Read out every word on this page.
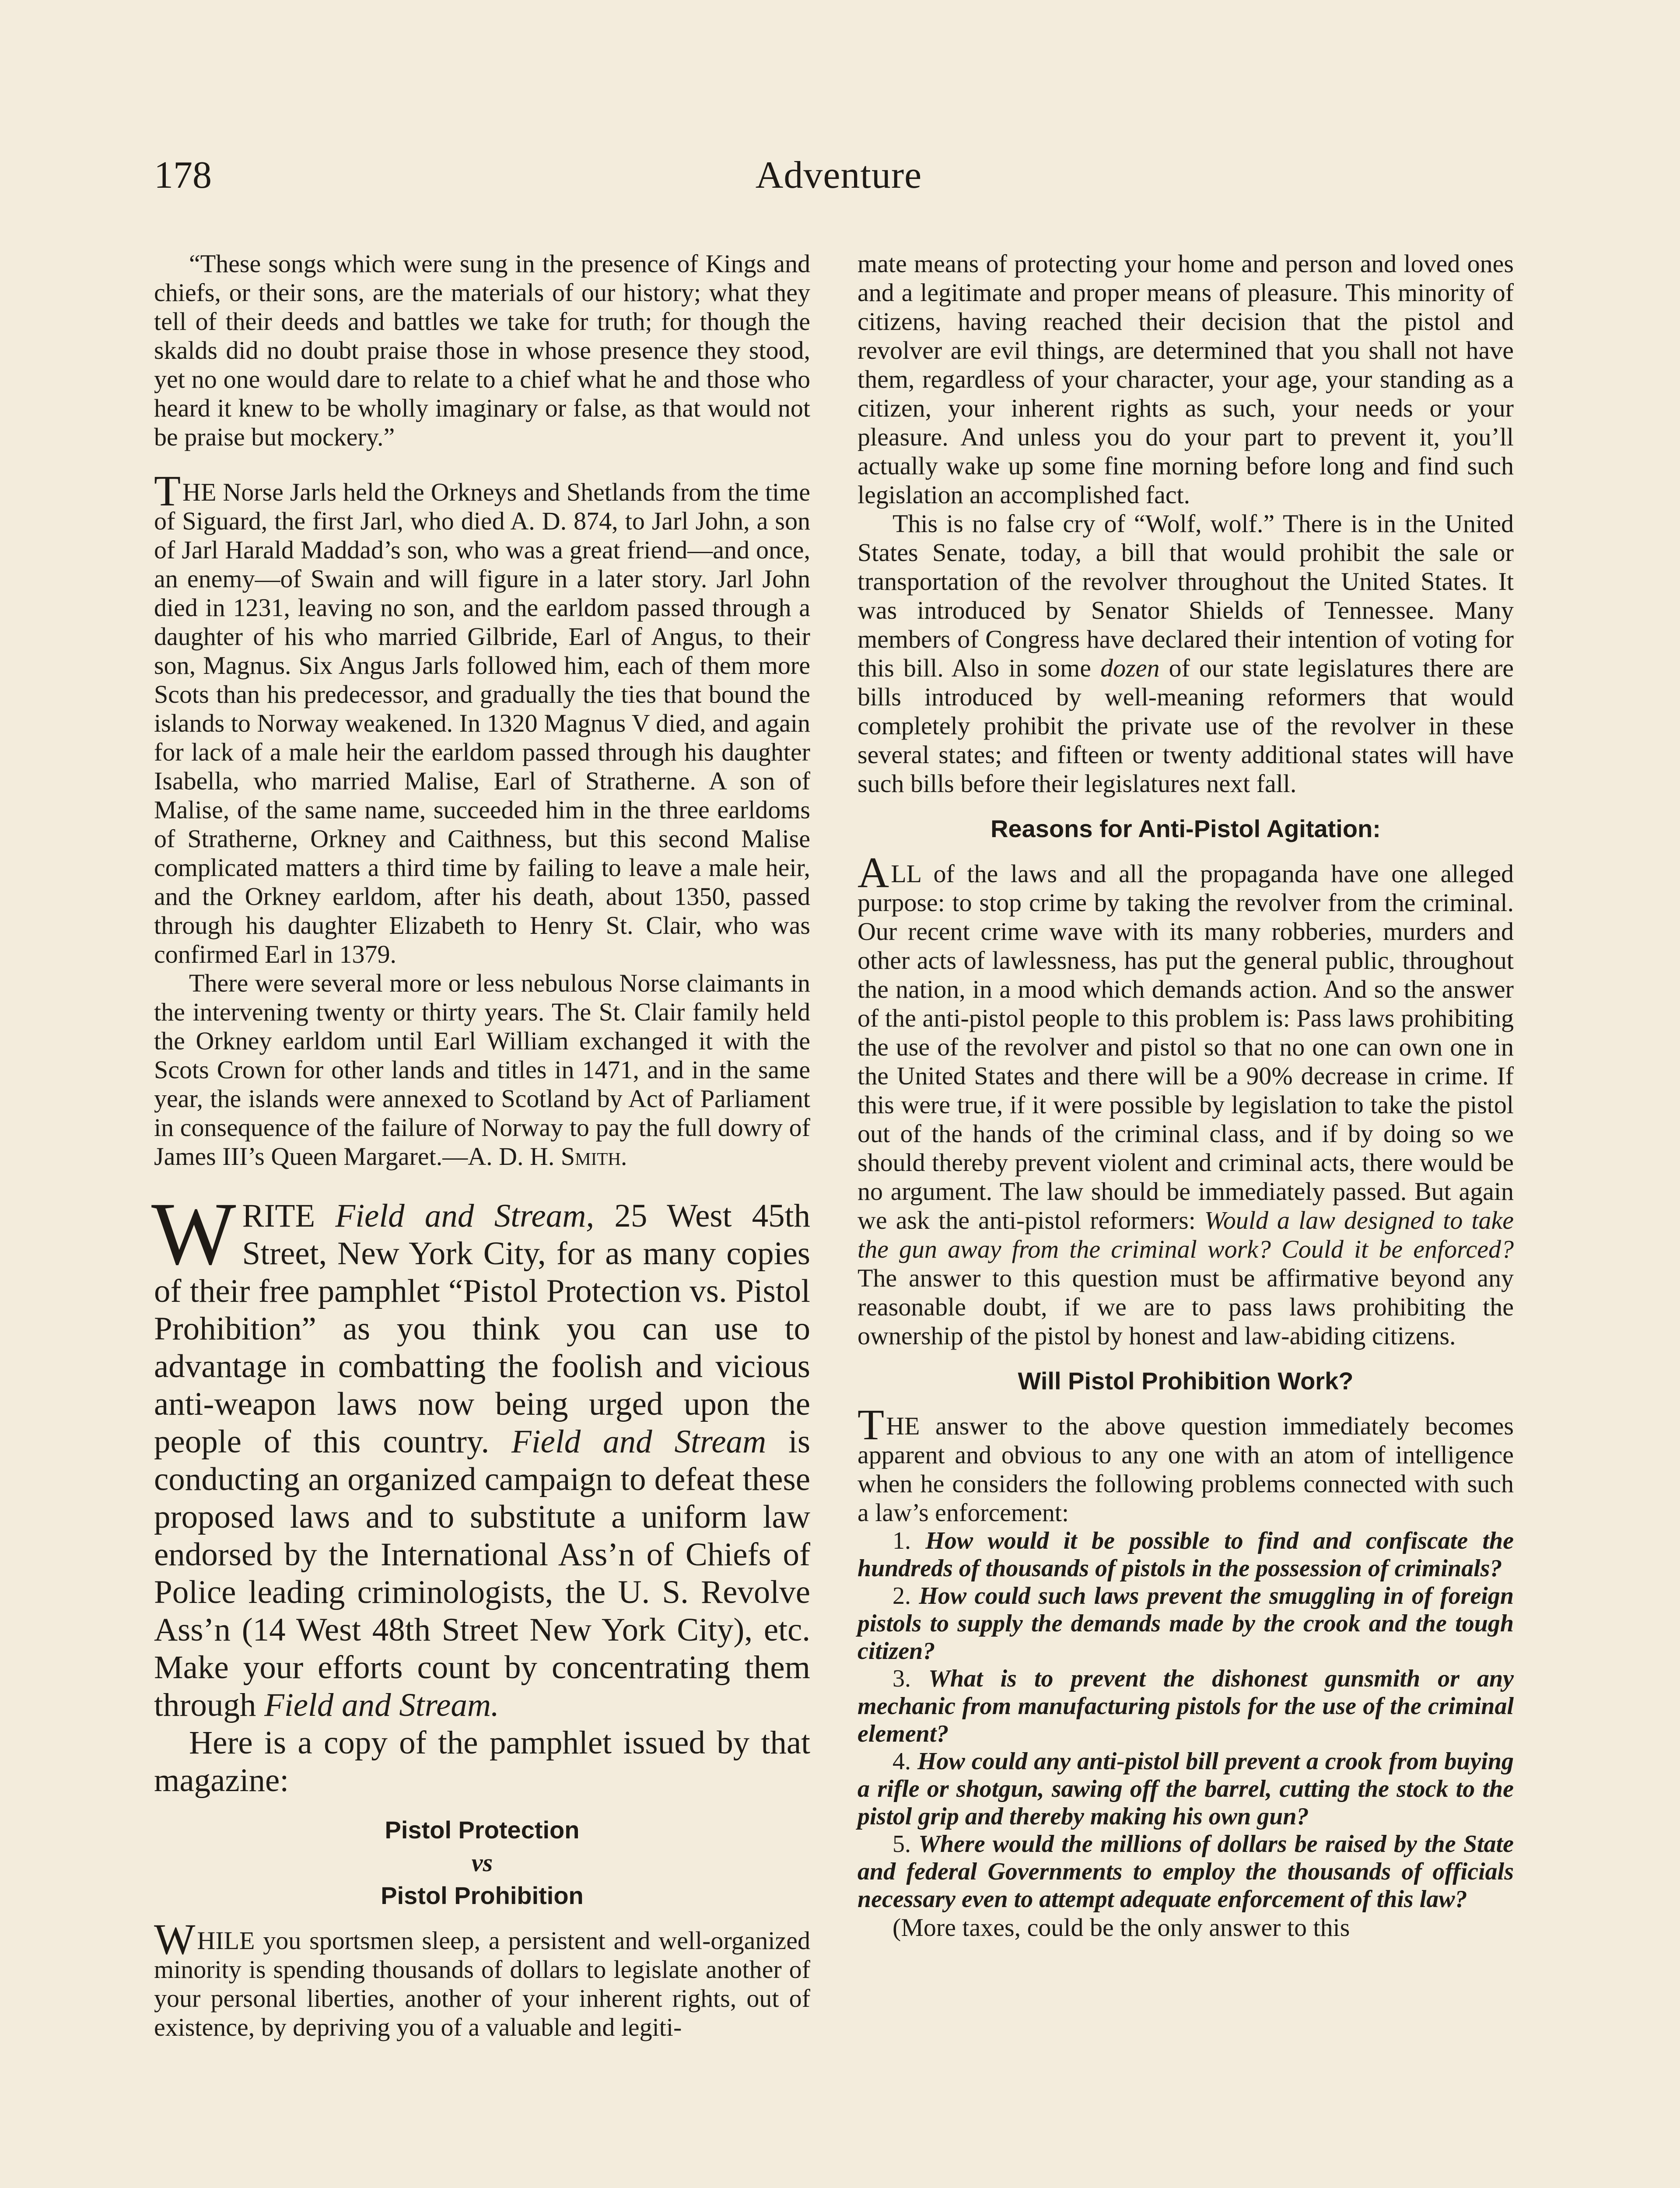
178	Adventure

“These songs which were sung in the presence of Kings and chiefs, or their sons, are the materials of our history; what they tell of their deeds and battles we take for truth; for though the skalds did no doubt praise those in whose presence they stood, yet no one would dare to relate to a chief what he and those who heard it knew to be wholly imaginary or false, as that would not be praise but mockery.”

THE Norse Jarls held the Orkneys and Shetlands from the time of Siguard, the first Jarl, who died A. D. 874, to Jarl John, a son of Jarl Harald Maddad’s son, who was a great friend—and once, an enemy—of Swain and will figure in a later story. Jarl John died in 1231, leaving no son, and the earldom passed through a daughter of his who married Gilbride, Earl of Angus, to their son, Magnus. Six Angus Jarls followed him, each of them more Scots than his predecessor, and gradually the ties that bound the islands to Norway weakened. In 1320 Magnus V died, and again for lack of a male heir the earldom passed through his daughter Isabella, who married Malise, Earl of Stratherne. A son of Malise, of the same name, succeeded him in the three earldoms of Stratherne, Orkney and Caithness, but this second Malise complicated matters a third time by failing to leave a male heir, and the Orkney earldom, after his death, about 1350, passed through his daughter Elizabeth to Henry St. Clair, who was confirmed Earl in 1379.

There were several more or less nebulous Norse claimants in the intervening twenty or thirty years. The St. Clair family held the Orkney earldom until Earl William exchanged it with the Scots Crown for other lands and titles in 1471, and in the same year, the islands were annexed to Scotland by Act of Parliament in consequence of the failure of Norway to pay the full dowry of James III’s Queen Margaret.—A. D. H. Smith.

WRITE Field and Stream, 25 West 45th Street, New York City, for as many copies of their free pamphlet “Pistol Protection vs. Pistol Prohibition” as you think you can use to advantage in combatting the foolish and vicious anti-weapon laws now being urged upon the people of this country. Field and Stream is conducting an organized campaign to defeat these proposed laws and to substitute a uniform law endorsed by the International Ass’n of Chiefs of Police leading criminologists, the U. S. Revolve Ass’n (14 West 48th Street New York City), etc. Make your efforts count by concentrating them through Field and Stream.

Here is a copy of the pamphlet issued by that magazine:

Pistol Protection
vs
Pistol Prohibition

WHILE you sportsmen sleep, a persistent and well-organized minority is spending thousands of dollars to legislate another of your personal liberties, another of your inherent rights, out of existence, by depriving you of a valuable and legiti-

mate means of protecting your home and person and loved ones and a legitimate and proper means of pleasure. This minority of citizens, having reached their decision that the pistol and revolver are evil things, are determined that you shall not have them, regardless of your character, your age, your standing as a citizen, your inherent rights as such, your needs or your pleasure. And unless you do your part to prevent it, you’ll actually wake up some fine morning before long and find such legislation an accomplished fact.

This is no false cry of “Wolf, wolf.” There is in the United States Senate, today, a bill that would prohibit the sale or transportation of the revolver throughout the United States. It was introduced by Senator Shields of Tennessee. Many members of Congress have declared their intention of voting for this bill. Also in some dozen of our state legislatures there are bills introduced by well-meaning reformers that would completely prohibit the private use of the revolver in these several states; and fifteen or twenty additional states will have such bills before their legislatures next fall.

Reasons for Anti-Pistol Agitation:

ALL of the laws and all the propaganda have one alleged purpose: to stop crime by taking the revolver from the criminal. Our recent crime wave with its many robberies, murders and other acts of lawlessness, has put the general public, throughout the nation, in a mood which demands action. And so the answer of the anti-pistol people to this problem is: Pass laws prohibiting the use of the revolver and pistol so that no one can own one in the United States and there will be a 90% decrease in crime. If this were true, if it were possible by legislation to take the pistol out of the hands of the criminal class, and if by doing so we should thereby prevent violent and criminal acts, there would be no argument. The law should be immediately passed. But again we ask the anti-pistol reformers: Would a law designed to take the gun away from the criminal work? Could it be enforced? The answer to this question must be affirmative beyond any reasonable doubt, if we are to pass laws prohibiting the ownership of the pistol by honest and law-abiding citizens.

Will Pistol Prohibition Work?

THE answer to the above question immediately becomes apparent and obvious to any one with an atom of intelligence when he considers the following problems connected with such a law’s enforcement:

1. How would it be possible to find and confiscate the hundreds of thousands of pistols in the possession of criminals?

2. How could such laws prevent the smuggling in of foreign pistols to supply the demands made by the crook and the tough citizen?

3. What is to prevent the dishonest gunsmith or any mechanic from manufacturing pistols for the use of the criminal element?

4. How could any anti-pistol bill prevent a crook from buying a rifle or shotgun, sawing off the barrel, cutting the stock to the pistol grip and thereby making his own gun?

5. Where would the millions of dollars be raised by the State and federal Governments to employ the thousands of officials necessary even to attempt adequate enforcement of this law?

(More taxes, could be the only answer to this
